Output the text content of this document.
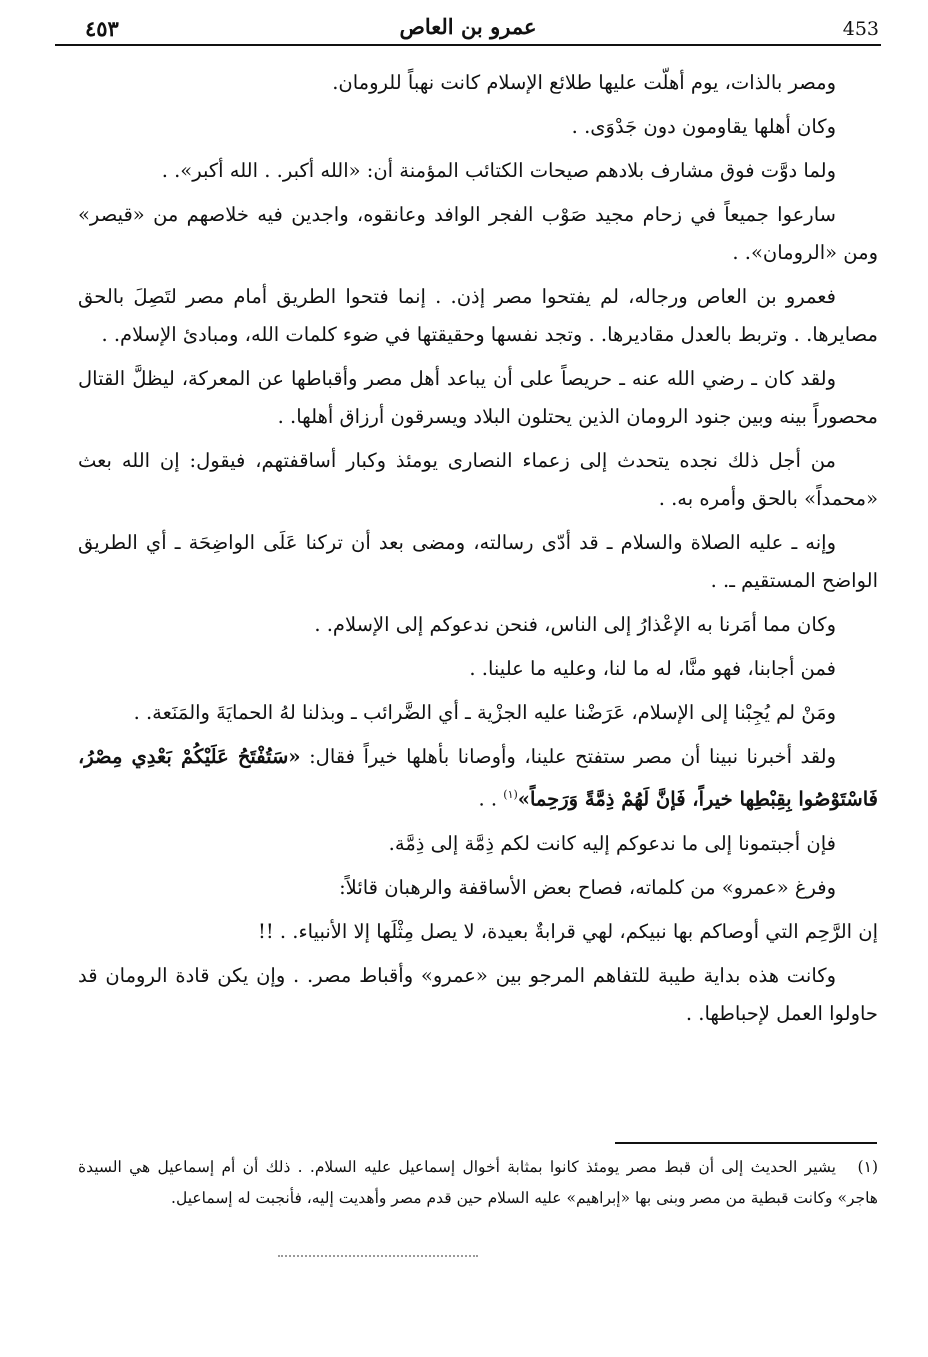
٤٥٣	عمرو بن العاص	453

ومصر بالذات، يوم أهلّت عليها طلائع الإسلام كانت نهباً للرومان.

وكان أهلها يقاومون دون جَدْوَى. .

ولما دوَّت فوق مشارف بلادهم صيحات الكتائب المؤمنة أن: «الله أكبر. . الله أكبر». .

سارعوا جميعاً في زحام مجيد صَوْب الفجر الوافد وعانقوه، واجدين فيه خلاصهم من «قيصر» ومن «الرومان». .

فعمرو بن العاص ورجاله، لم يفتحوا مصر إذن. . إنما فتحوا الطريق أمام مصر لتَصِلَ بالحق مصايرها. . وتربط بالعدل مقاديرها. . وتجد نفسها وحقيقتها في ضوء كلمات الله، ومبادئ الإسلام. .

ولقد كان ـ رضي الله عنه ـ حريصاً على أن يباعد أهل مصر وأقباطها عن المعركة، ليظلَّ القتال محصوراً بينه وبين جنود الرومان الذين يحتلون البلاد ويسرقون أرزاق أهلها. .

من أجل ذلك نجده يتحدث إلى زعماء النصارى يومئذ وكبار أساقفتهم، فيقول: إن الله بعث «محمداً» بالحق وأمره به. .

وإنه ـ عليه الصلاة والسلام ـ قد أدّى رسالته، ومضى بعد أن تركنا عَلَى الواضِحَة ـ أي الطريق الواضح المستقيم ـ. .

وكان مما أمَرنا به الإعْذارُ إلى الناس، فنحن ندعوكم إلى الإسلام. .

فمن أجابنا، فهو منَّا، له ما لنا، وعليه ما علينا. .

ومَنْ لم يُجِبْنا إلى الإسلام، عَرَضْنا عليه الجزْية ـ أي الضَّرائب ـ وبذلنا لهُ الحمايَةَ والمَنَعة. .

ولقد أخبرنا نبينا أن مصر ستفتح علينا، وأوصانا بأهلها خيراً فقال: «سَتُفْتَحُ عَلَيْكُمْ بَعْدِي مِصْرُ، فَاسْتَوْصُوا بِقِبْطِها خيراً، فَإنَّ لَهُمْ ذِمَّةً وَرَحِماً»$^{(١)}$ . .

فإن أجبتمونا إلى ما ندعوكم إليه كانت لكم ذِمَّة إلى ذِمَّة.

وفرغ «عمرو» من كلماته، فصاح بعض الأساقفة والرهبان قائلاً:

إن الرَّحِم التي أوصاكم بها نبيكم، لهي قرابةٌ بعيدة، لا يصل مِثْلَها إلا الأنبياء. . !!

وكانت هذه بداية طيبة للتفاهم المرجو بين «عمرو» وأقباط مصر. . وإن يكن قادة الرومان قد حاولوا العمل لإحباطها. .

(١)يشير الحديث إلى أن قبط مصر يومئذ كانوا بمثابة أخوال إسماعيل عليه السلام. . ذلك أن أم إسماعيل هي السيدة هاجر» وكانت قبطية من مصر وبنى بها «إبراهيم» عليه السلام حين قدم مصر وأهديت إليه، فأنجبت له إسماعيل.
